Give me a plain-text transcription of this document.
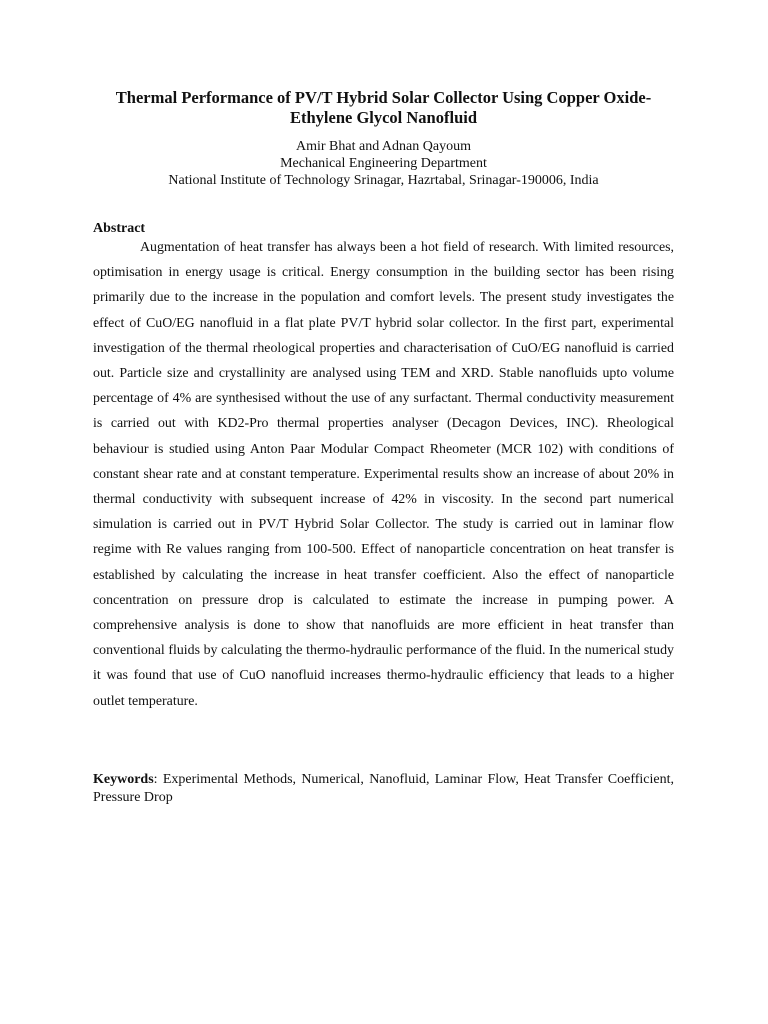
Thermal Performance of PV/T Hybrid Solar Collector Using Copper Oxide-Ethylene Glycol Nanofluid
Amir Bhat and Adnan Qayoum
Mechanical Engineering Department
National Institute of Technology Srinagar, Hazrtabal, Srinagar-190006, India
Abstract

Augmentation of heat transfer has always been a hot field of research. With limited resources, optimisation in energy usage is critical. Energy consumption in the building sector has been rising primarily due to the increase in the population and comfort levels. The present study investigates the effect of CuO/EG nanofluid in a flat plate PV/T hybrid solar collector. In the first part, experimental investigation of the thermal rheological properties and characterisation of CuO/EG nanofluid is carried out. Particle size and crystallinity are analysed using TEM and XRD. Stable nanofluids upto volume percentage of 4% are synthesised without the use of any surfactant. Thermal conductivity measurement is carried out with KD2-Pro thermal properties analyser (Decagon Devices, INC). Rheological behaviour is studied using Anton Paar Modular Compact Rheometer (MCR 102) with conditions of constant shear rate and at constant temperature. Experimental results show an increase of about 20% in thermal conductivity with subsequent increase of 42% in viscosity. In the second part numerical simulation is carried out in PV/T Hybrid Solar Collector. The study is carried out in laminar flow regime with Re values ranging from 100-500. Effect of nanoparticle concentration on heat transfer is established by calculating the increase in heat transfer coefficient. Also the effect of nanoparticle concentration on pressure drop is calculated to estimate the increase in pumping power. A comprehensive analysis is done to show that nanofluids are more efficient in heat transfer than conventional fluids by calculating the thermo-hydraulic performance of the fluid. In the numerical study it was found that use of CuO nanofluid increases thermo-hydraulic efficiency that leads to a higher outlet temperature.

Keywords: Experimental Methods, Numerical, Nanofluid, Laminar Flow, Heat Transfer Coefficient, Pressure Drop
